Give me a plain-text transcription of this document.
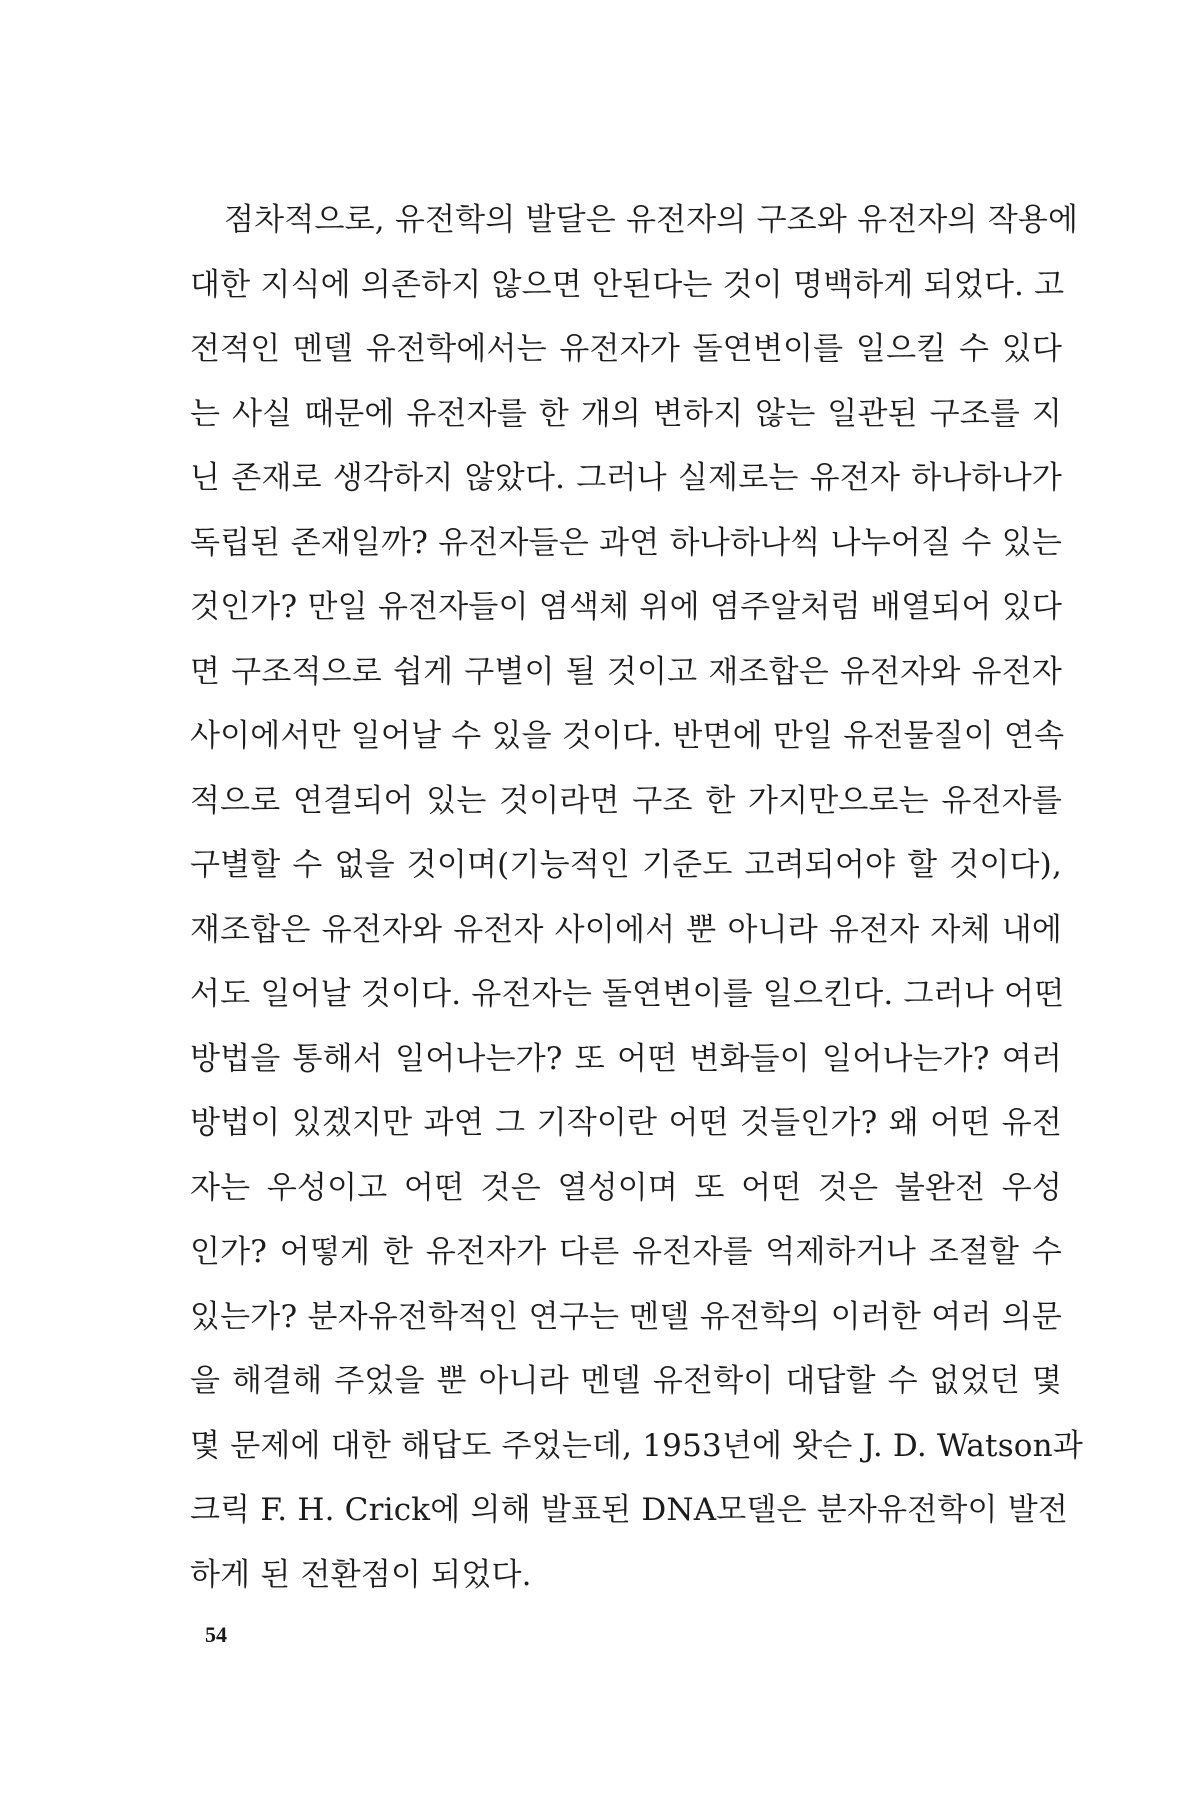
점차적으로, 유전학의 발달은 유전자의 구조와 유전자의 작용에
대한 지식에 의존하지 않으면 안된다는 것이 명백하게 되었다. 고
전적인 멘델 유전학에서는 유전자가 돌연변이를 일으킬 수 있다
는 사실 때문에 유전자를 한 개의 변하지 않는 일관된 구조를 지
닌 존재로 생각하지 않았다. 그러나 실제로는 유전자 하나하나가
독립된 존재일까? 유전자들은 과연 하나하나씩 나누어질 수 있는
것인가? 만일 유전자들이 염색체 위에 염주알처럼 배열되어 있다
면 구조적으로 쉽게 구별이 될 것이고 재조합은 유전자와 유전자
사이에서만 일어날 수 있을 것이다. 반면에 만일 유전물질이 연속
적으로 연결되어 있는 것이라면 구조 한 가지만으로는 유전자를
구별할 수 없을 것이며(기능적인 기준도 고려되어야 할 것이다),
재조합은 유전자와 유전자 사이에서 뿐 아니라 유전자 자체 내에
서도 일어날 것이다. 유전자는 돌연변이를 일으킨다. 그러나 어떤
방법을 통해서 일어나는가? 또 어떤 변화들이 일어나는가? 여러
방법이 있겠지만 과연 그 기작이란 어떤 것들인가? 왜 어떤 유전
자는 우성이고 어떤 것은 열성이며 또 어떤 것은 불완전 우성
인가? 어떻게 한 유전자가 다른 유전자를 억제하거나 조절할 수
있는가? 분자유전학적인 연구는 멘델 유전학의 이러한 여러 의문
을 해결해 주었을 뿐 아니라 멘델 유전학이 대답할 수 없었던 몇
몇 문제에 대한 해답도 주었는데, 1953년에 왓슨 J. D. Watson과
크릭 F. H. Crick에 의해 발표된 DNA모델은 분자유전학이 발전
하게 된 전환점이 되었다.
54
